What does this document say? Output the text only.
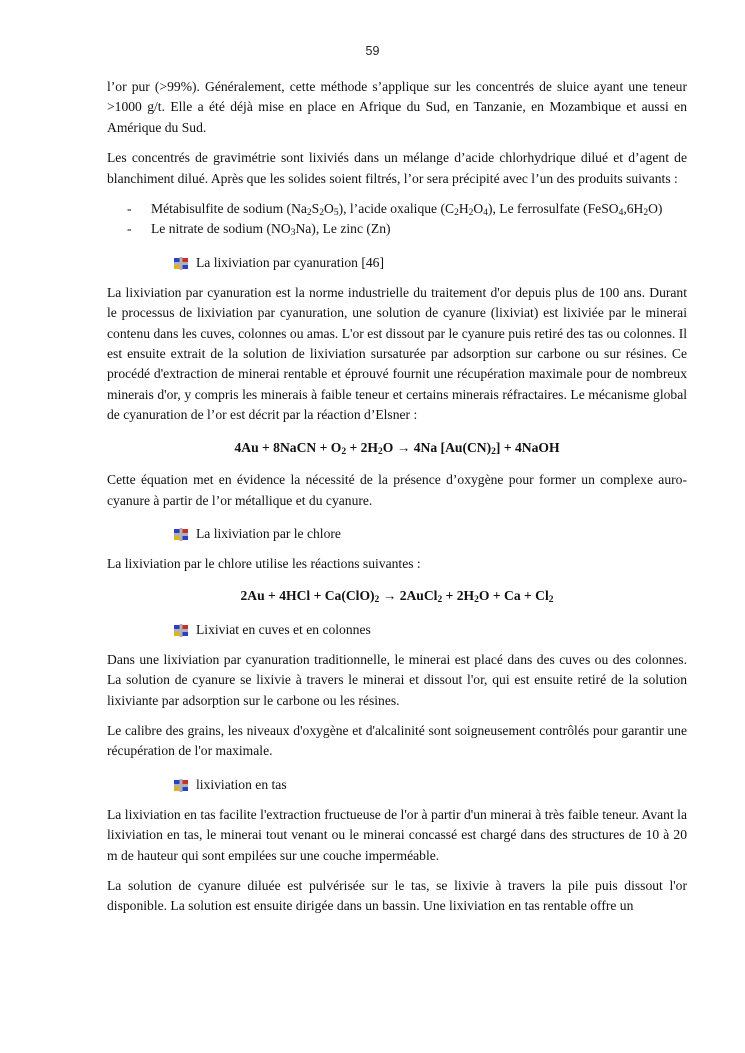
59

l’or pur (>99%). Généralement, cette méthode s’applique sur les concentrés de sluice ayant une teneur >1000 g/t. Elle a été déjà mise en place en Afrique du Sud, en Tanzanie, en Mozambique et aussi en Amérique du Sud.

Les concentrés de gravimétrie sont lixiviés dans un mélange d’acide chlorhydrique dilué et d’agent de blanchiment dilué. Après que les solides soient filtrés, l’or sera précipité avec l’un des produits suivants :

- Métabisulfite de sodium $(Na_2S_2O_5)$, l’acide oxalique $(C_2H_2O_4)$, Le ferrosulfate $(FeSO_4,6H_2O)$
- Le nitrate de sodium $(NO_3Na)$, Le zinc (Zn)
La lixiviation par cyanuration [46]

La lixiviation par cyanuration est la norme industrielle du traitement d'or depuis plus de 100 ans. Durant le processus de lixiviation par cyanuration, une solution de cyanure (lixiviat) est lixiviée par le minerai contenu dans les cuves, colonnes ou amas. L'or est dissout par le cyanure puis retiré des tas ou colonnes. Il est ensuite extrait de la solution de lixiviation sursaturée par adsorption sur carbone ou sur résines. Ce procédé d'extraction de minerai rentable et éprouvé fournit une récupération maximale pour de nombreux minerais d'or, y compris les minerais à faible teneur et certains minerais réfractaires. Le mécanisme global de cyanuration de l’or est décrit par la réaction d’Elsner :

4Au + 8NaCN + $O_2 + 2H_2O \to 4Na$ $[Au(CN)_2]$ + 4NaOH

Cette équation met en évidence la nécessité de la présence d’oxygène pour former un complexe auro-cyanure à partir de l’or métallique et du cyanure.

La lixiviation par le chlore

La lixiviation par le chlore utilise les réactions suivantes :

$2Au + 4HCl + Ca(ClO)_2$ → 2AuCl$_2$ + $2H_2O + Ca + Cl_2$
Lixiviat en cuves et en colonnes

Dans une lixiviation par cyanuration traditionnelle, le minerai est placé dans des cuves ou des colonnes. La solution de cyanure se lixivie à travers le minerai et dissout l'or, qui est ensuite retiré de la solution lixiviante par adsorption sur le carbone ou les résines.

Le calibre des grains, les niveaux d'oxygène et d'alcalinité sont soigneusement contrôlés pour garantir une récupération de l'or maximale.

lixiviation en tas

La lixiviation en tas facilite l'extraction fructueuse de l'or à partir d'un minerai à très faible teneur. Avant la lixiviation en tas, le minerai tout venant ou le minerai concassé est chargé dans des structures de 10 à 20 m de hauteur qui sont empilées sur une couche imperméable.

La solution de cyanure diluée est pulvérisée sur le tas, se lixivie à travers la pile puis dissout l'or disponible. La solution est ensuite dirigée dans un bassin. Une lixiviation en tas rentable offre un
